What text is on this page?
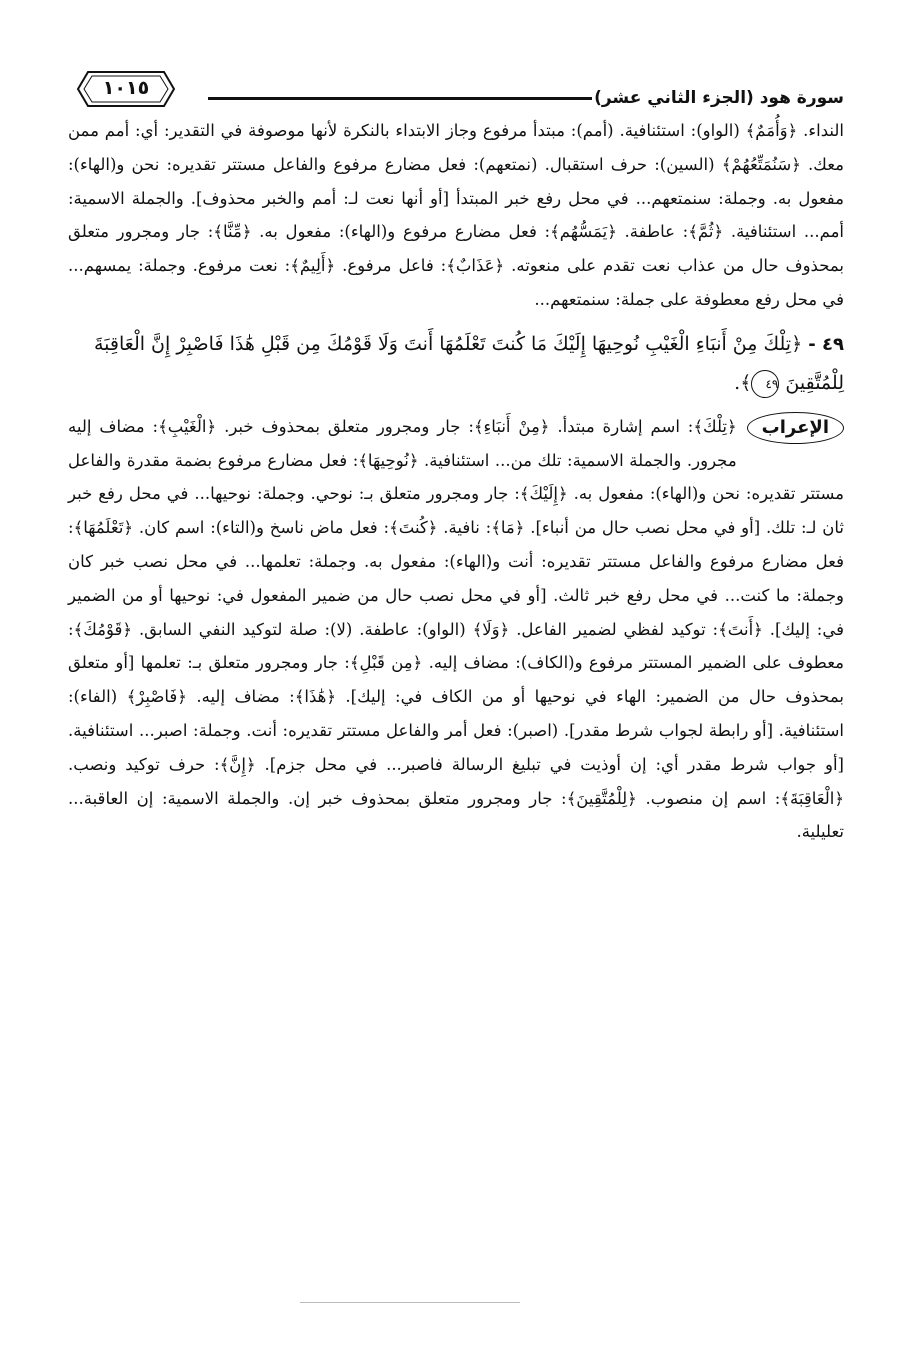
سورة هود (الجزء الثاني عشر)
١٠١٥

النداء. ﴿وَأُمَمٌ﴾ (الواو): استئنافية. (أمم): مبتدأ مرفوع وجاز الابتداء بالنكرة لأنها موصوفة في التقدير: أي: أمم ممن معك. ﴿سَنُمَتِّعُهُمْ﴾ (السين): حرف استقبال. (نمتعهم): فعل مضارع مرفوع والفاعل مستتر تقديره: نحن و(الهاء): مفعول به. وجملة: سنمتعهم... في محل رفع خبر المبتدأ [أو أنها نعت لـ: أمم والخبر محذوف]. والجملة الاسمية: أمم... استئنافية. ﴿ثُمَّ﴾: عاطفة. ﴿يَمَسُّهُم﴾: فعل مضارع مرفوع و(الهاء): مفعول به. ﴿مِّنَّا﴾: جار ومجرور متعلق بمحذوف حال من عذاب نعت تقدم على منعوته. ﴿عَذَابٌ﴾: فاعل مرفوع. ﴿أَلِيمٌ﴾: نعت مرفوع. وجملة: يمسهم... في محل رفع معطوفة على جملة: سنمتعهم...

٤٩ - ﴿تِلْكَ مِنْ أَنبَاءِ الْغَيْبِ نُوحِيهَا إِلَيْكَ مَا كُنتَ تَعْلَمُهَا أَنتَ وَلَا قَوْمُكَ مِن قَبْلِ هَٰذَا فَاصْبِرْ إِنَّ الْعَاقِبَةَ لِلْمُتَّقِينَ ٤٩﴾.

الإعراب

﴿تِلْكَ﴾: اسم إشارة مبتدأ. ﴿مِنْ أَنبَاءِ﴾: جار ومجرور متعلق بمحذوف خبر. ﴿الْغَيْبِ﴾: مضاف إليه مجرور. والجملة الاسمية: تلك من... استئنافية. ﴿نُوحِيهَا﴾: فعل مضارع مرفوع بضمة مقدرة والفاعل مستتر تقديره: نحن و(الهاء): مفعول به. ﴿إِلَيْكَ﴾: جار ومجرور متعلق بـ: نوحي. وجملة: نوحيها... في محل رفع خبر ثان لـ: تلك. [أو في محل نصب حال من أنباء]. ﴿مَا﴾: نافية. ﴿كُنتَ﴾: فعل ماض ناسخ و(التاء): اسم كان. ﴿تَعْلَمُهَا﴾: فعل مضارع مرفوع والفاعل مستتر تقديره: أنت و(الهاء): مفعول به. وجملة: تعلمها... في محل نصب خبر كان وجملة: ما كنت... في محل رفع خبر ثالث. [أو في محل نصب حال من ضمير المفعول في: نوحيها أو من الضمير في: إليك]. ﴿أَنتَ﴾: توكيد لفظي لضمير الفاعل. ﴿وَلَا﴾ (الواو): عاطفة. (لا): صلة لتوكيد النفي السابق. ﴿قَوْمُكَ﴾: معطوف على الضمير المستتر مرفوع و(الكاف): مضاف إليه. ﴿مِن قَبْلِ﴾: جار ومجرور متعلق بـ: تعلمها [أو متعلق بمحذوف حال من الضمير: الهاء في نوحيها أو من الكاف في: إليك]. ﴿هَٰذَا﴾: مضاف إليه. ﴿فَاصْبِرْ﴾ (الفاء): استئنافية. [أو رابطة لجواب شرط مقدر]. (اصبر): فعل أمر والفاعل مستتر تقديره: أنت. وجملة: اصبر... استئنافية. [أو جواب شرط مقدر أي: إن أوذيت في تبليغ الرسالة فاصبر... في محل جزم]. ﴿إِنَّ﴾: حرف توكيد ونصب. ﴿الْعَاقِبَةَ﴾: اسم إن منصوب. ﴿لِلْمُتَّقِينَ﴾: جار ومجرور متعلق بمحذوف خبر إن. والجملة الاسمية: إن العاقبة... تعليلية.
